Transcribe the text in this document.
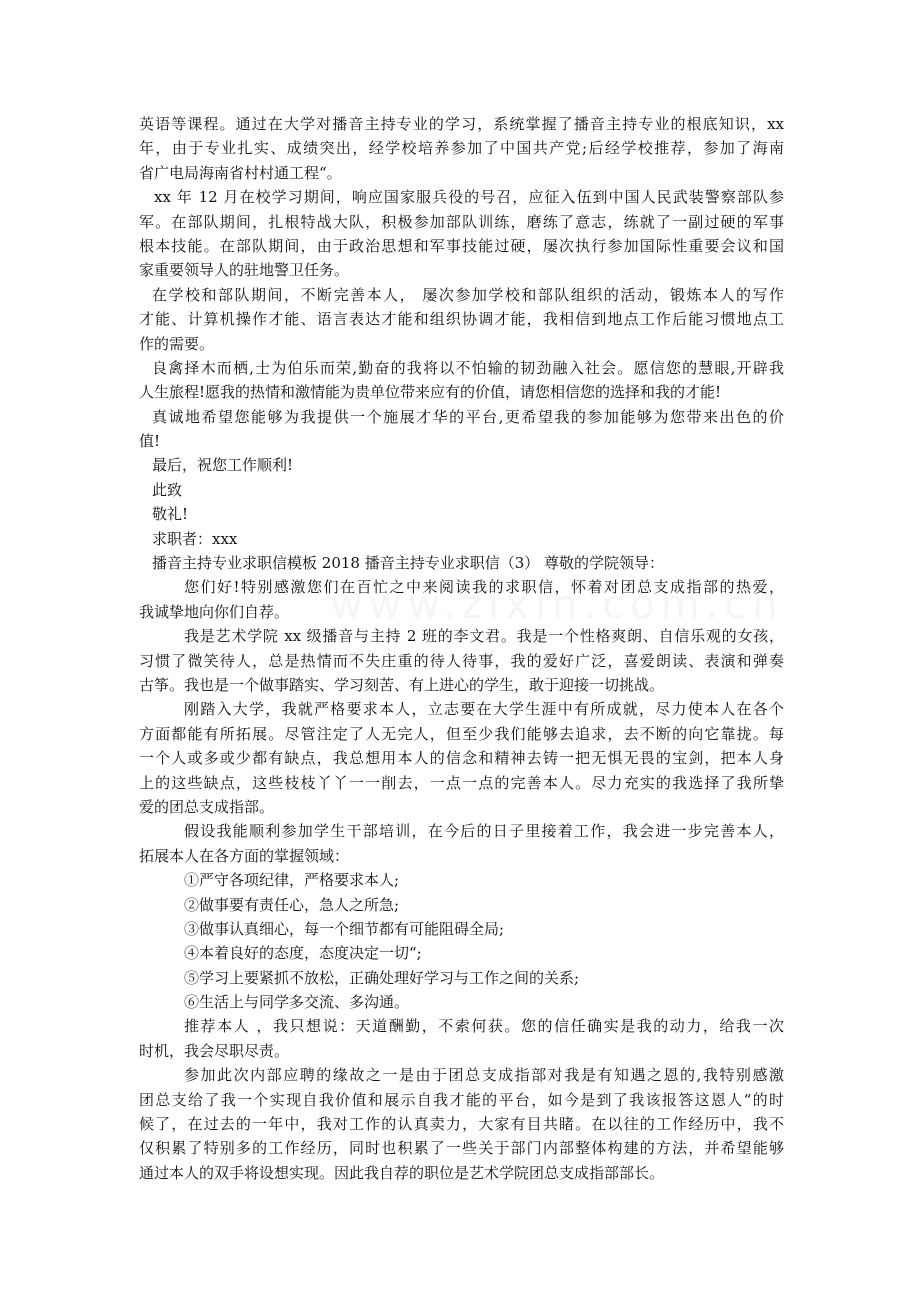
英语等课程。通过在大学对播音主持专业的学习，系统掌握了播音主持专业的根底知识，xx
年，由于专业扎实、成绩突出，经学校培养参加了中国共产党;后经学校推荐，参加了海南
省广电局海南省村村通工程“。
xx 年 12 月在校学习期间，响应国家服兵役的号召，应征入伍到中国人民武装警察部队参
军。在部队期间，扎根特战大队，积极参加部队训练，磨练了意志，练就了一副过硬的军事
根本技能。在部队期间，由于政治思想和军事技能过硬，屡次执行参加国际性重要会议和国
家重要领导人的驻地警卫任务。
在学校和部队期间，不断完善本人， 屡次参加学校和部队组织的活动，锻炼本人的写作
才能、计算机操作才能、语言表达才能和组织协调才能，我相信到地点工作后能习惯地点工
作的需要。
良禽择木而栖,士为伯乐而荣,勤奋的我将以不怕输的韧劲融入社会。愿信您的慧眼,开辟我
人生旅程!愿我的热情和激情能为贵单位带来应有的价值，请您相信您的选择和我的才能!
真诚地希望您能够为我提供一个施展才华的平台,更希望我的参加能够为您带来出色的价
值!
最后，祝您工作顺利!
此致
敬礼!
求职者：xxx
播音主持专业求职信模板 2018 播音主持专业求职信（3） 尊敬的学院领导：
您们好!特别感激您们在百忙之中来阅读我的求职信，怀着对团总支成指部的热爱，
我诚挚地向你们自荐。
我是艺术学院 xx 级播音与主持 2 班的李文君。我是一个性格爽朗、自信乐观的女孩，
习惯了微笑待人，总是热情而不失庄重的待人待事，我的爱好广泛，喜爱朗读、表演和弹奏
古筝。我也是一个做事踏实、学习刻苦、有上进心的学生，敢于迎接一切挑战。
刚踏入大学，我就严格要求本人，立志要在大学生涯中有所成就，尽力使本人在各个
方面都能有所拓展。尽管注定了人无完人，但至少我们能够去追求，去不断的向它靠拢。每
一个人或多或少都有缺点，我总想用本人的信念和精神去铸一把无惧无畏的宝剑，把本人身
上的这些缺点，这些枝枝丫丫一一削去，一点一点的完善本人。尽力充实的我选择了我所挚
爱的团总支成指部。
假设我能顺利参加学生干部培训，在今后的日子里接着工作，我会进一步完善本人，
拓展本人在各方面的掌握领域：
①严守各项纪律，严格要求本人;
②做事要有责任心，急人之所急;
③做事认真细心，每一个细节都有可能阻碍全局;
④本着良好的态度，态度决定一切“;
⑤学习上要紧抓不放松，正确处理好学习与工作之间的关系;
⑥生活上与同学多交流、多沟通。
推荐本人 ，我只想说：天道酬勤，不索何获。您的信任确实是我的动力，给我一次
时机，我会尽职尽责。
参加此次内部应聘的缘故之一是由于团总支成指部对我是有知遇之恩的,我特别感激
团总支给了我一个实现自我价值和展示自我才能的平台，如今是到了我该报答这恩人“的时
候了，在过去的一年中，我对工作的认真卖力，大家有目共睹。在以往的工作经历中，我不
仅积累了特别多的工作经历，同时也积累了一些关于部门内部整体构建的方法，并希望能够
通过本人的双手将设想实现。因此我自荐的职位是艺术学院团总支成指部部长。
